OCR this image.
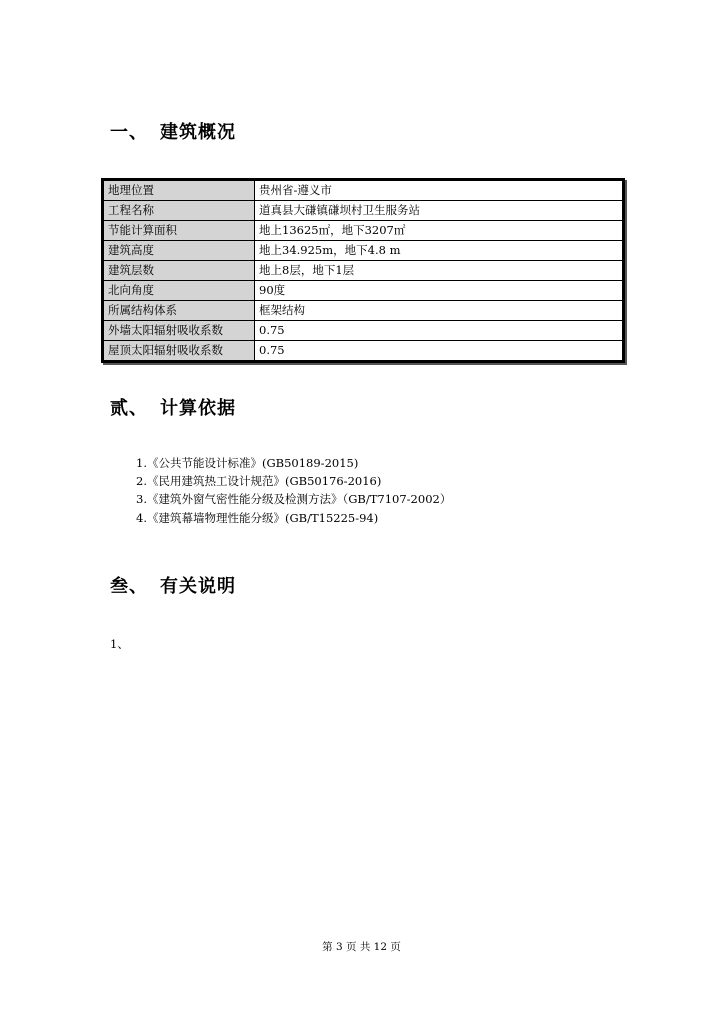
一、 建筑概况
地理位置	贵州省-遵义市
工程名称	道真县大磏镇磏坝村卫生服务站
节能计算面积	地上13625㎡，地下3207㎡
建筑高度	地上34.925m，地下4.8 m
建筑层数	地上8层，地下1层
北向角度	90度
所属结构体系	框架结构
外墙太阳辐射吸收系数	0.75
屋顶太阳辐射吸收系数	0.75
贰、 计算依据
1.《公共节能设计标准》(GB50189-2015)
2.《民用建筑热工设计规范》(GB50176-2016)
3.《建筑外窗气密性能分级及检测方法》（GB/T7107-2002）
4.《建筑幕墙物理性能分级》(GB/T15225-94)
叁、 有关说明
1、
第 3 页 共 12 页
